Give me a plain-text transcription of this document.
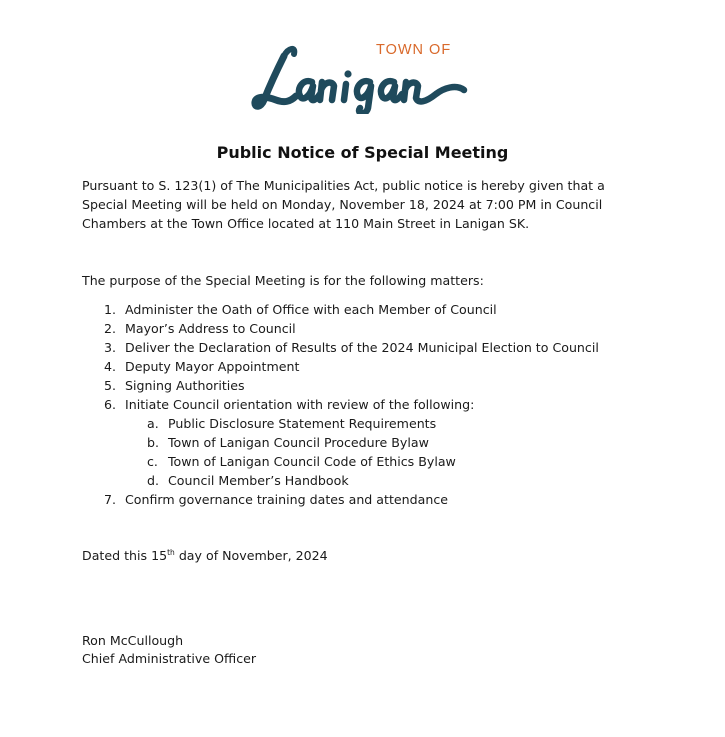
TOWN OF
Public Notice of Special Meeting

Pursuant to S. 123(1) of The Municipalities Act, public notice is hereby given that a Special Meeting will be held on Monday, November 18, 2024 at 7:00 PM in Council Chambers at the Town Office located at 110 Main Street in Lanigan SK.

The purpose of the Special Meeting is for the following matters:

1. Administer the Oath of Office with each Member of Council
2. Mayor’s Address to Council
3. Deliver the Declaration of Results of the 2024 Municipal Election to Council
4. Deputy Mayor Appointment
5. Signing Authorities
6. Initiate Council orientation with review of the following:
a. Public Disclosure Statement Requirements
b. Town of Lanigan Council Procedure Bylaw
c. Town of Lanigan Council Code of Ethics Bylaw
d. Council Member’s Handbook
7. Confirm governance training dates and attendance

Dated this 15th day of November, 2024

Ron McCullough
Chief Administrative Officer
